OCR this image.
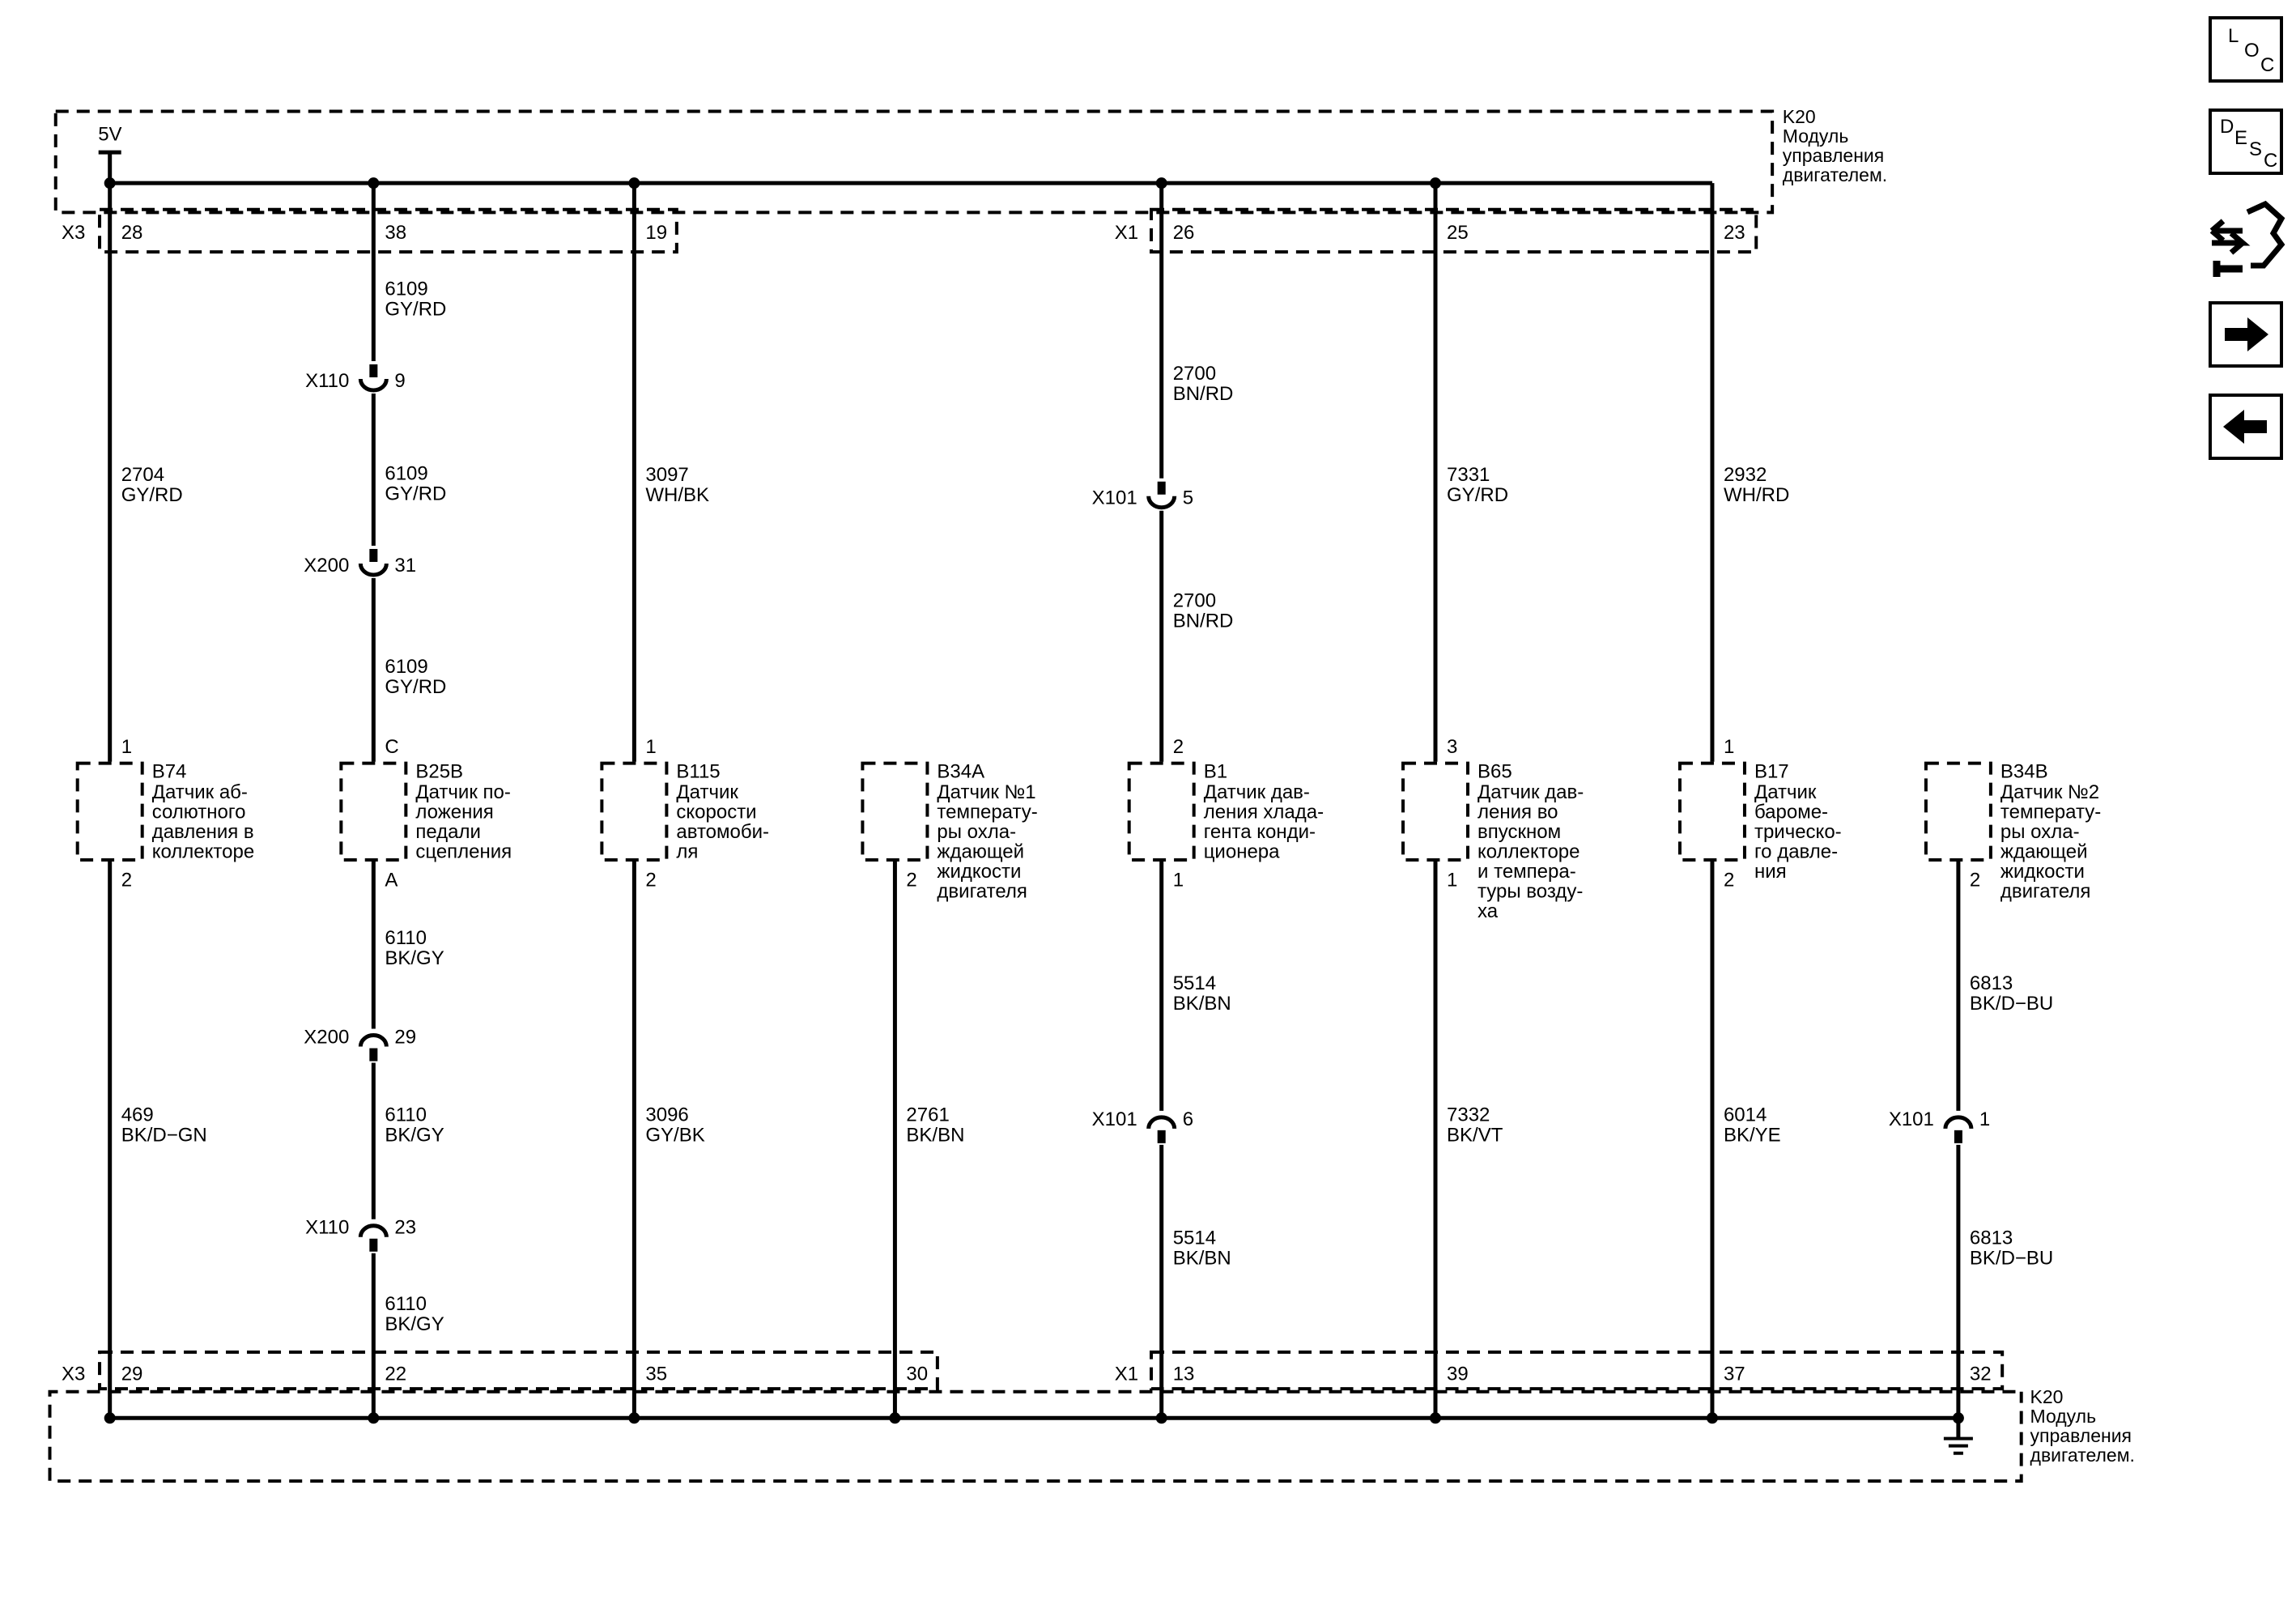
5V
K20
Модуль
управления
двигателем.
X3	X1
X3	X1
K20
Модуль
управления
двигателем.
28
2704
GY/RD
B74
Датчик аб-
солютного
давления в
коллекторе
1
2
469
BK/D−GN
29
38
6109
GY/RD
6109
GY/RD
6109
GY/RD
X110 9
X200 31
B25B
Датчик по-
ложения
педали
сцепления
C
A
6110
BK/GY
6110
BK/GY
6110
BK/GY
X200 29
X110 23
22
19
3097
WH/BK
B115
Датчик
скорости
автомоби-
ля
1
2
3096
GY/BK
35
B34A
Датчик №1
температу-
ры охла-
ждающей
жидкости
двигателя
2
2761
BK/BN
30
26
2700
BN/RD
2700
BN/RD
X101 5
B1
Датчик дав-
ления хлада-
гента конди-
ционера
2
1
5514
BK/BN
5514
BK/BN
X101 6
13
25
7331
GY/RD
B65
Датчик дав-
ления во
впускном
коллекторе
и темпера-
туры возду-
ха
3
1
7332
BK/VT
39
23
2932
WH/RD
B17
Датчик
бароме-
трическо-
го давле-
ния
1
2
6014
BK/YE
37
B34B
Датчик №2
температу-
ры охла-
ждающей
жидкости
двигателя
2
6813
BK/D−BU
6813
BK/D−BU
X101 1
32
L
O
C
D
E
S
C
